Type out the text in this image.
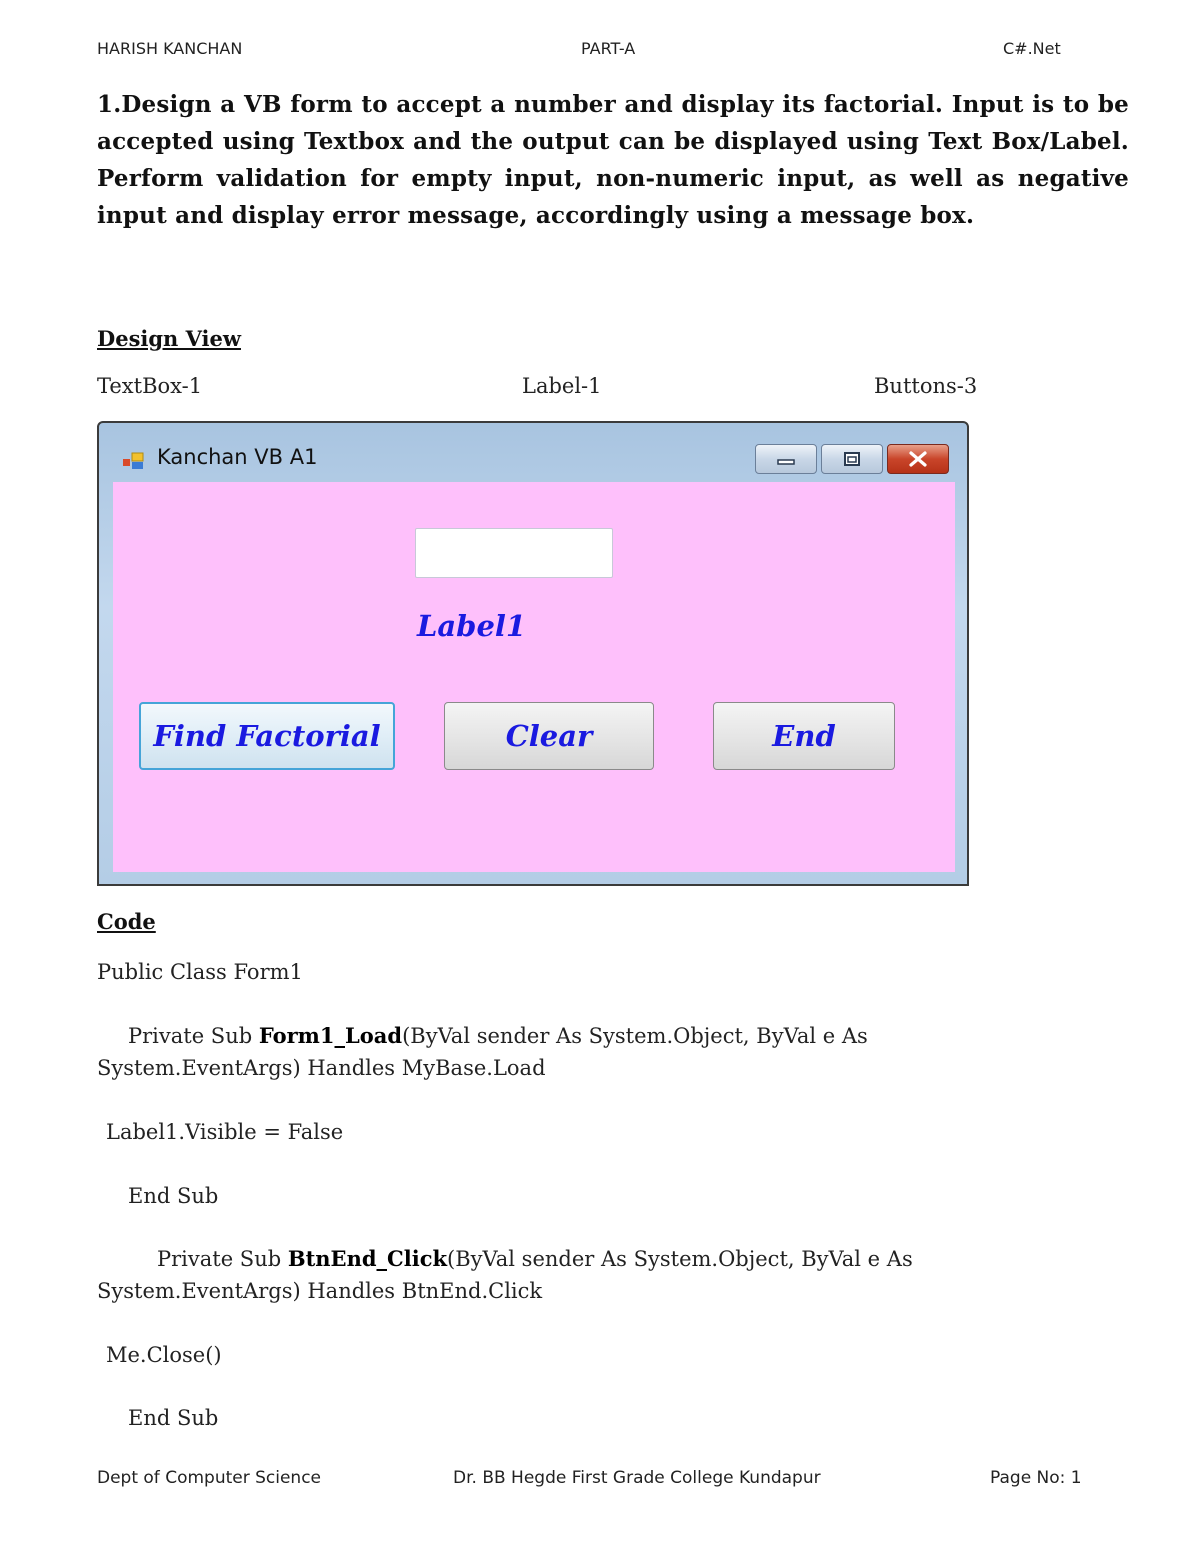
HARISH KANCHAN	PART-A	C#.Net
1.Design a VB form to accept a number and display its factorial. Input is to be accepted using Textbox and the output can be displayed using Text Box/Label. Perform validation for empty input, non-numeric input, as well as negative input and display error message, accordingly using a message box.
Design View
TextBox-1	Label-1	Buttons-3
Kanchan VB A1
Label1
Find Factorial	Clear	End
Code
Public Class Form1
Private Sub Form1_Load(ByVal sender As System.Object, ByVal e As
System.EventArgs) Handles MyBase.Load
Label1.Visible = False
End Sub
Private Sub BtnEnd_Click(ByVal sender As System.Object, ByVal e As
System.EventArgs) Handles BtnEnd.Click
Me.Close()
End Sub
Dept of Computer Science	Dr. BB Hegde First Grade College Kundapur	Page No: 1
